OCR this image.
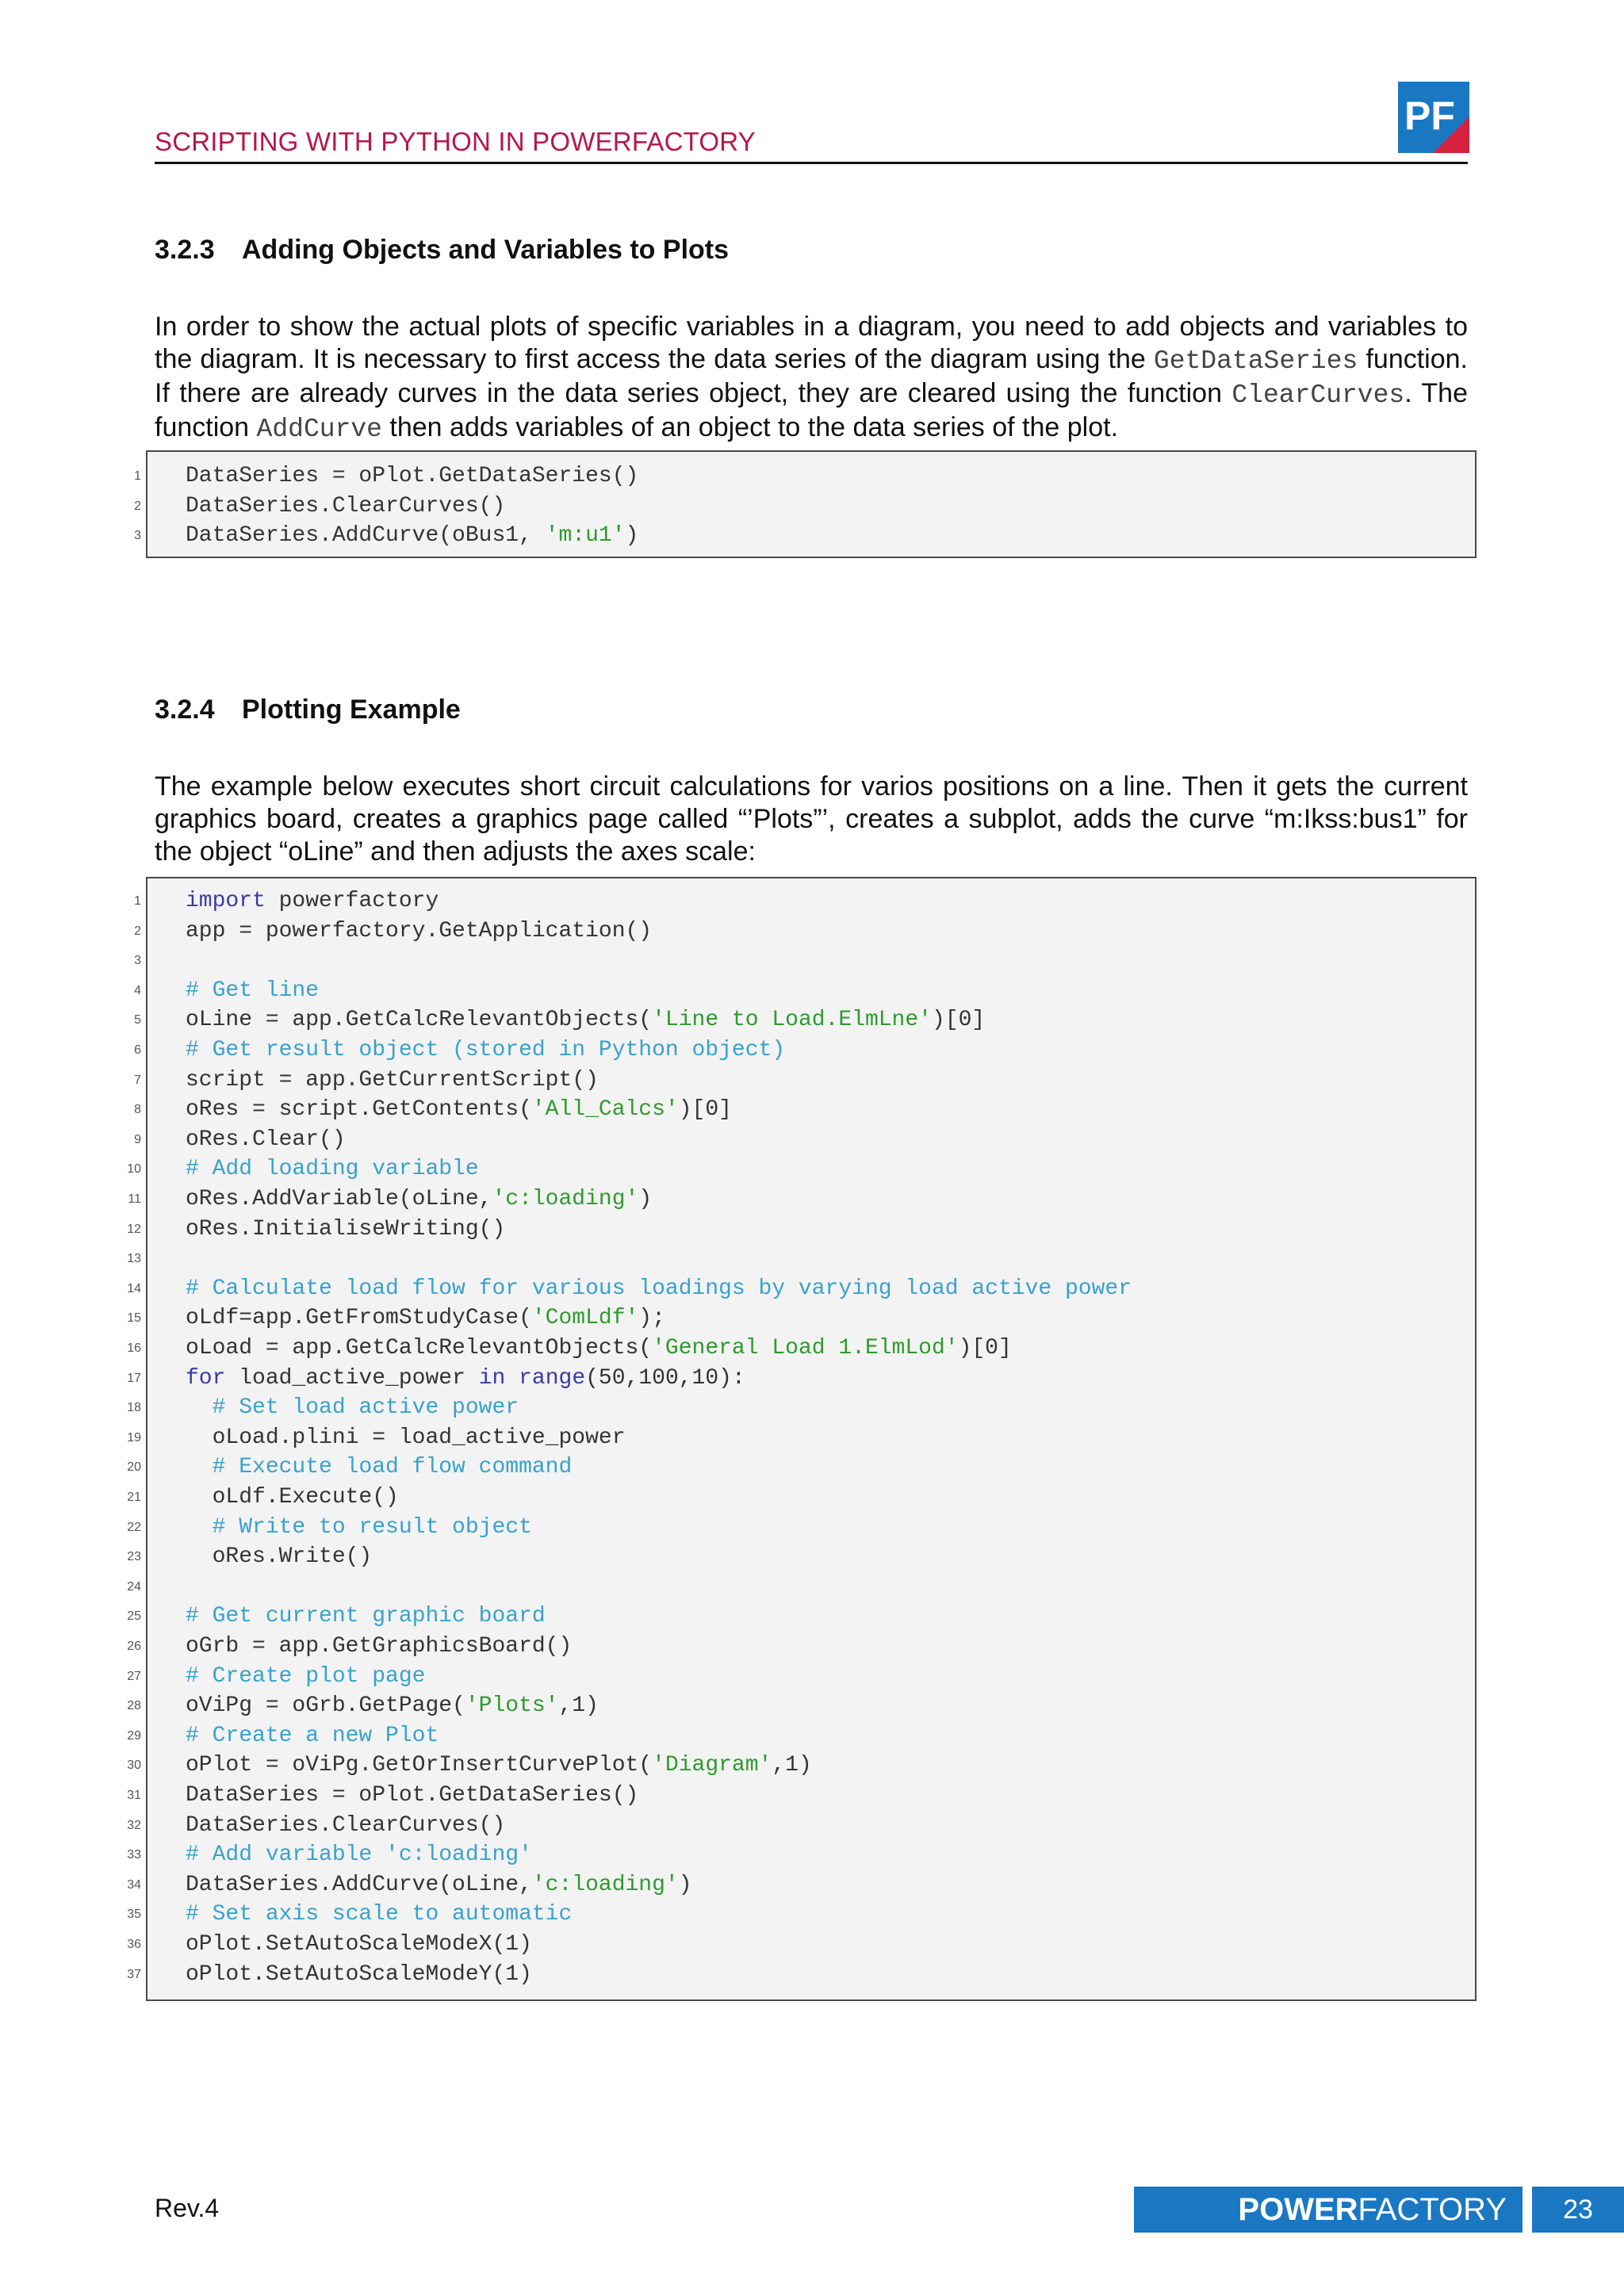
SCRIPTING WITH PYTHON IN POWERFACTORY
PF
3.2.3 Adding Objects and Variables to Plots

In order to show the actual plots of specific variables in a diagram, you need to add objects and variables to the diagram. It is necessary to first access the data series of the diagram using the GetDataSeries function. If there are already curves in the data series object, they are cleared using the function ClearCurves. The function AddCurve then adds variables of an object to the data series of the plot.

1 DataSeries = oPlot.GetDataSeries()
2 DataSeries.ClearCurves()
3 DataSeries.AddCurve(oBus1, 'm:u1')
3.2.4 Plotting Example

The example below executes short circuit calculations for varios positions on a line. Then it gets the current graphics board, creates a graphics page called “’Plots”’, creates a subplot, adds the curve “m:Ikss:bus1” for the object “oLine” and then adjusts the axes scale:

1 import powerfactory
2 app = powerfactory.GetApplication()
3
4 # Get line
5 oLine = app.GetCalcRelevantObjects('Line to Load.ElmLne')[0]
6 # Get result object (stored in Python object)
7 script = app.GetCurrentScript()
8 oRes = script.GetContents('All_Calcs')[0]
9 oRes.Clear()
10 # Add loading variable
11 oRes.AddVariable(oLine,'c:loading')
12 oRes.InitialiseWriting()
13
14 # Calculate load flow for various loadings by varying load active power
15 oLdf=app.GetFromStudyCase('ComLdf');
16 oLoad = app.GetCalcRelevantObjects('General Load 1.ElmLod')[0]
17 for load_active_power in range(50,100,10):
18	# Set load active power
19 oLoad.plini = load_active_power
20	# Execute load flow command
21 oLdf.Execute()
22	# Write to result object
23 oRes.Write()
24
25 # Get current graphic board
26 oGrb = app.GetGraphicsBoard()
27 # Create plot page
28 oViPg = oGrb.GetPage('Plots',1)
29 # Create a new Plot
30 oPlot = oViPg.GetOrInsertCurvePlot('Diagram',1)
31 DataSeries = oPlot.GetDataSeries()
32 DataSeries.ClearCurves()
33 # Add variable 'c:loading'
34 DataSeries.AddCurve(oLine,'c:loading')
35 # Set axis scale to automatic
36 oPlot.SetAutoScaleModeX(1)
37 oPlot.SetAutoScaleModeY(1)
Rev.4	POWERFACTORY	23
